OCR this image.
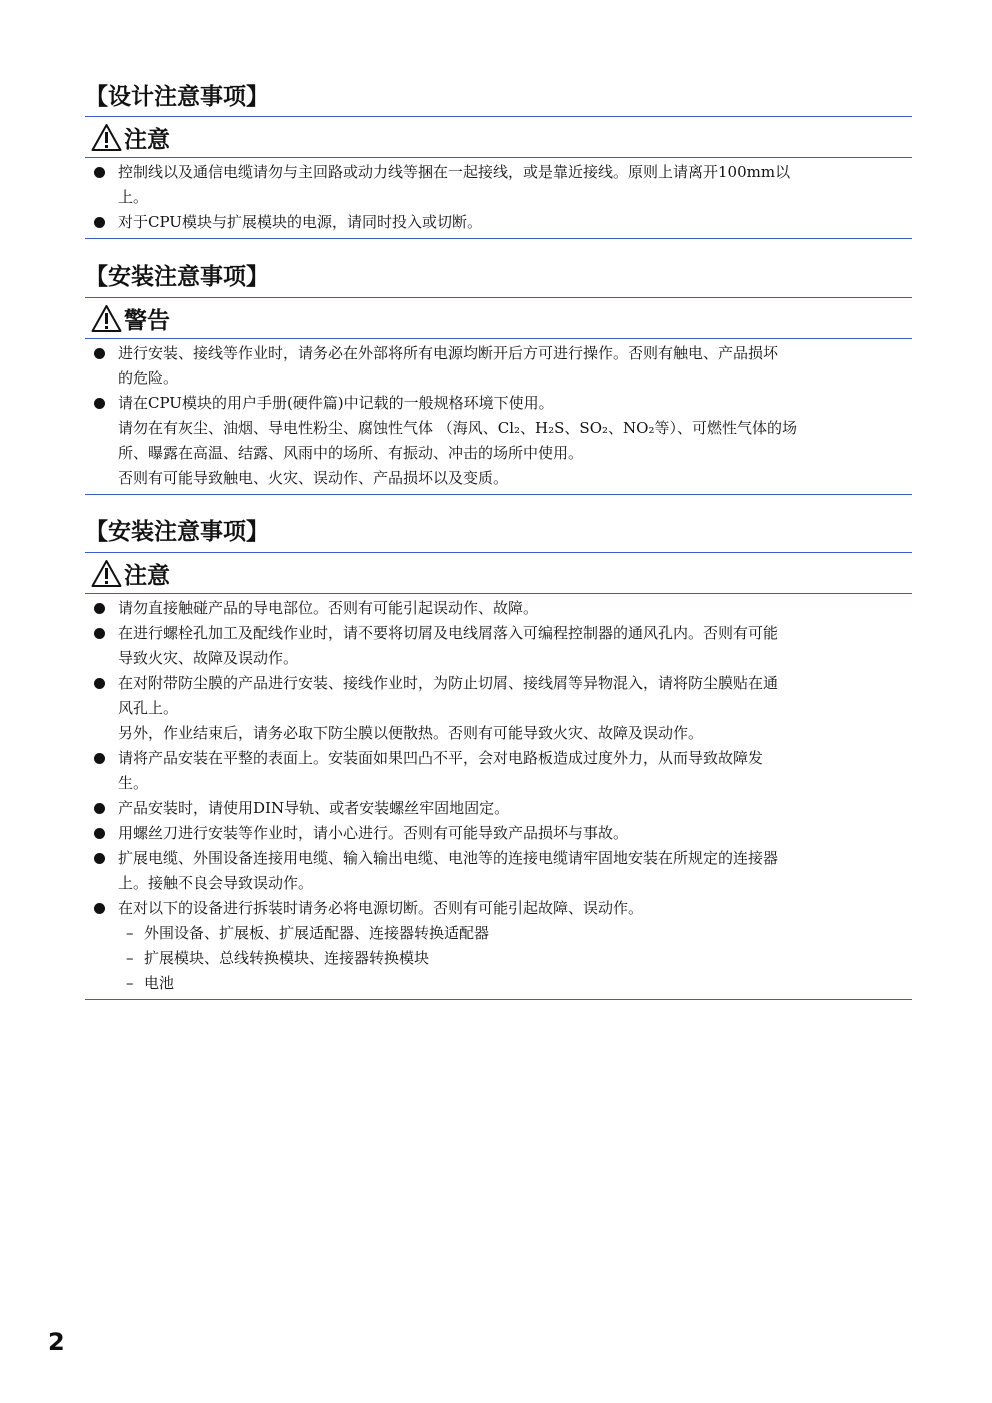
【设计注意事项】
注意
控制线以及通信电缆请勿与主回路或动力线等捆在一起接线，或是靠近接线。原则上请离开100mm以
上。
对于CPU模块与扩展模块的电源，请同时投入或切断。
【安装注意事项】
警告
进行安装、接线等作业时，请务必在外部将所有电源均断开后方可进行操作。否则有触电、产品损坏
的危险。
请在CPU模块的用户手册(硬件篇)中记载的一般规格环境下使用。
请勿在有灰尘、油烟、导电性粉尘、腐蚀性气体 （海风、Cl₂、H₂S、SO₂、NO₂等）、可燃性气体的场
所、曝露在高温、结露、风雨中的场所、有振动、冲击的场所中使用。
否则有可能导致触电、火灾、误动作、产品损坏以及变质。
【安装注意事项】
注意
请勿直接触碰产品的导电部位。否则有可能引起误动作、故障。
在进行螺栓孔加工及配线作业时，请不要将切屑及电线屑落入可编程控制器的通风孔内。否则有可能
导致火灾、故障及误动作。
在对附带防尘膜的产品进行安装、接线作业时，为防止切屑、接线屑等异物混入，请将防尘膜贴在通
风孔上。
另外，作业结束后，请务必取下防尘膜以便散热。否则有可能导致火灾、故障及误动作。
请将产品安装在平整的表面上。安装面如果凹凸不平，会对电路板造成过度外力，从而导致故障发
生。
产品安装时，请使用DIN导轨、或者安装螺丝牢固地固定。
用螺丝刀进行安装等作业时，请小心进行。否则有可能导致产品损坏与事故。
扩展电缆、外围设备连接用电缆、输入输出电缆、电池等的连接电缆请牢固地安装在所规定的连接器
上。接触不良会导致误动作。
在对以下的设备进行拆装时请务必将电源切断。否则有可能引起故障、误动作。
– 外围设备、扩展板、扩展适配器、连接器转换适配器
– 扩展模块、总线转换模块、连接器转换模块
– 电池
2
